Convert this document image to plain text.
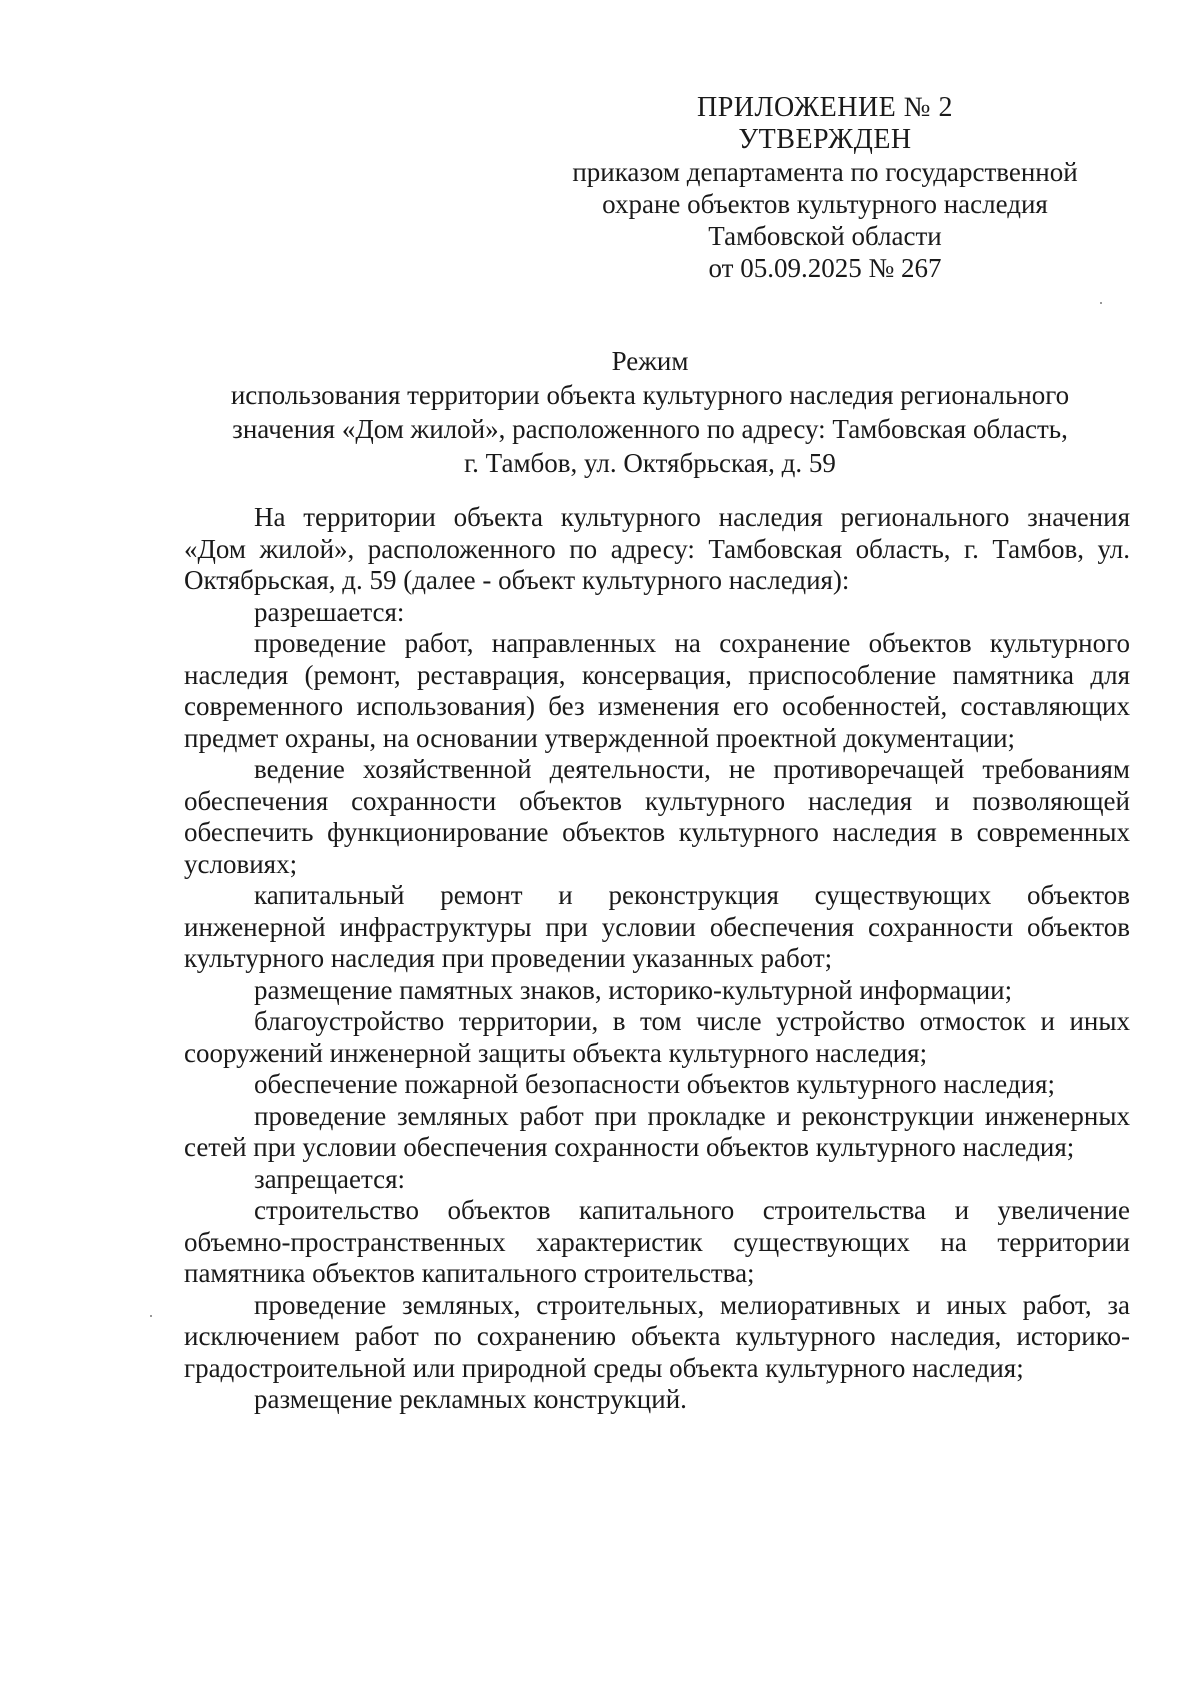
ПРИЛОЖЕНИЕ № 2
УТВЕРЖДЕН
приказом департамента по государственной
охране объектов культурного наследия
Тамбовской области
от 05.09.2025 № 267
Режим
использования территории объекта культурного наследия регионального
значения «Дом жилой», расположенного по адресу: Тамбовская область,
г. Тамбов, ул. Октябрьская, д. 59

На территории объекта культурного наследия регионального значения «Дом жилой», расположенного по адресу: Тамбовская область, г. Тамбов, ул. Октябрьская, д. 59 (далее - объект культурного наследия):

разрешается:

проведение работ, направленных на сохранение объектов культурного наследия (ремонт, реставрация, консервация, приспособление памятника для современного использования) без изменения его особенностей, составляющих предмет охраны, на основании утвержденной проектной документации;

ведение хозяйственной деятельности, не противоречащей требованиям обеспечения сохранности объектов культурного наследия и позволяющей обеспечить функционирование объектов культурного наследия в современных условиях;

капитальный ремонт и реконструкция существующих объектов инженерной инфраструктуры при условии обеспечения сохранности объектов культурного наследия при проведении указанных работ;

размещение памятных знаков, историко-культурной информации;

благоустройство территории, в том числе устройство отмосток и иных сооружений инженерной защиты объекта культурного наследия;

обеспечение пожарной безопасности объектов культурного наследия;

проведение земляных работ при прокладке и реконструкции инженерных сетей при условии обеспечения сохранности объектов культурного наследия;

запрещается:

строительство объектов капитального строительства и увеличение объемно-пространственных характеристик существующих на территории памятника объектов капитального строительства;

проведение земляных, строительных, мелиоративных и иных работ, за исключением работ по сохранению объекта культурного наследия, историко-градостроительной или природной среды объекта культурного наследия;

размещение рекламных конструкций.
